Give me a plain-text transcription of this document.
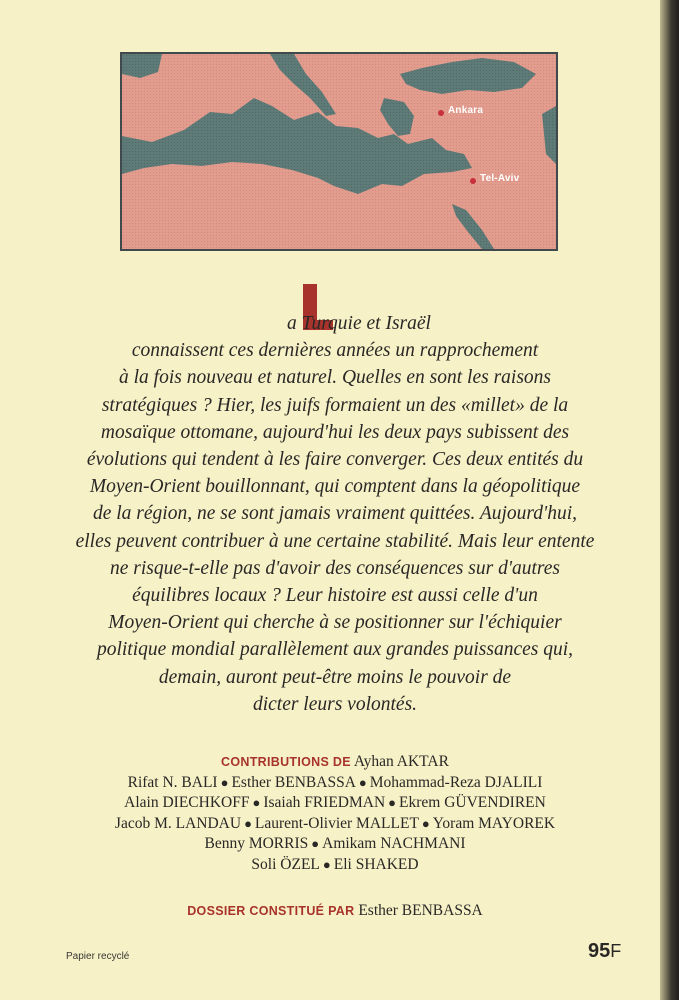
Ankara
Tel-Aviv
a Turquie et Israël
connaissent ces dernières années un rapprochement
à la fois nouveau et naturel. Quelles en sont les raisons
stratégiques ? Hier, les juifs formaient un des «millet» de la
mosaïque ottomane, aujourd'hui les deux pays subissent des
évolutions qui tendent à les faire converger. Ces deux entités du
Moyen-Orient bouillonnant, qui comptent dans la géopolitique
de la région, ne se sont jamais vraiment quittées. Aujourd'hui,
elles peuvent contribuer à une certaine stabilité. Mais leur entente
ne risque-t-elle pas d'avoir des conséquences sur d'autres
équilibres locaux ? Leur histoire est aussi celle d'un
Moyen-Orient qui cherche à se positionner sur l'échiquier
politique mondial parallèlement aux grandes puissances qui,
demain, auront peut-être moins le pouvoir de
dicter leurs volontés.
CONTRIBUTIONS DE Ayhan AKTAR
Rifat N. BALI ● Esther BENBASSA ● Mohammad-Reza DJALILI
Alain DIECHKOFF ● Isaiah FRIEDMAN ● Ekrem GÜVENDIREN
Jacob M. LANDAU ● Laurent-Olivier MALLET ● Yoram MAYOREK
Benny MORRIS ● Amikam NACHMANI
Soli ÖZEL ● Eli SHAKED
DOSSIER CONSTITUÉ PAR Esther BENBASSA
Papier recyclé	95F
